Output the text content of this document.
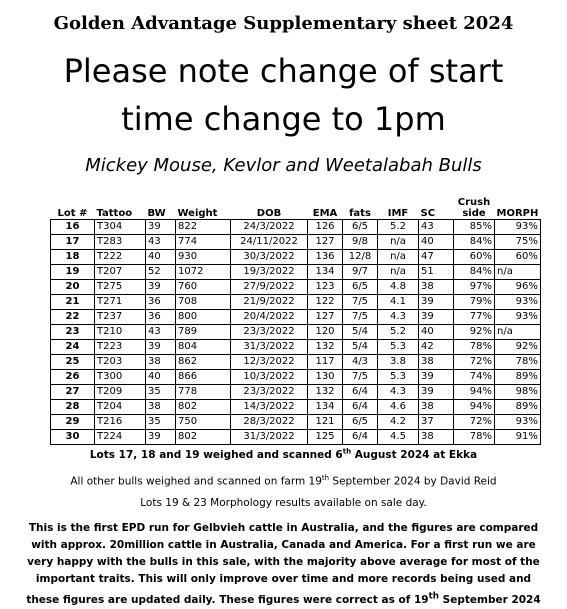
Golden Advantage Supplementary sheet 2024
Please note change of start
time change to 1pm
Mickey Mouse, Kevlor and Weetalabah Bulls
Lot #	Tattoo	BW	Weight	DOB	EMA	fats	IMF	SC	Crush side	MORPH
16	T304	39	822	24/3/2022	126	6/5	5.2	43	85%	93%
17	T283	43	774	24/11/2022	127	9/8	n/a	40	84%	75%
18	T222	40	930	30/3/2022	136	12/8	n/a	47	60%	60%
19	T207	52	1072	19/3/2022	134	9/7	n/a	51	84%	n/a
20	T275	39	760	27/9/2022	123	6/5	4.8	38	97%	96%
21	T271	36	708	21/9/2022	122	7/5	4.1	39	79%	93%
22	T237	36	800	20/4/2022	127	7/5	4.3	39	77%	93%
23	T210	43	789	23/3/2022	120	5/4	5.2	40	92%	n/a
24	T223	39	804	31/3/2022	132	5/4	5.3	42	78%	92%
25	T203	38	862	12/3/2022	117	4/3	3.8	38	72%	78%
26	T300	40	866	10/3/2022	130	7/5	5.3	39	74%	89%
27	T209	35	778	23/3/2022	132	6/4	4.3	39	94%	98%
28	T204	38	802	14/3/2022	134	6/4	4.6	38	94%	89%
29	T216	35	750	28/3/2022	121	6/5	4.2	37	72%	93%
30	T224	39	802	31/3/2022	125	6/4	4.5	38	78%	91%
Lots 17, 18 and 19 weighed and scanned 6th August 2024 at Ekka
All other bulls weighed and scanned on farm 19th September 2024 by David Reid
Lots 19 & 23 Morphology results available on sale day.
This is the first EPD run for Gelbvieh cattle in Australia, and the figures are compared with approx. 20million cattle in Australia, Canada and America. For a first run we are very happy with the bulls in this sale, with the majority above average for most of the important traits. This will only improve over time and more records being used and these figures are updated daily. These figures were correct as of 19th September 2024
